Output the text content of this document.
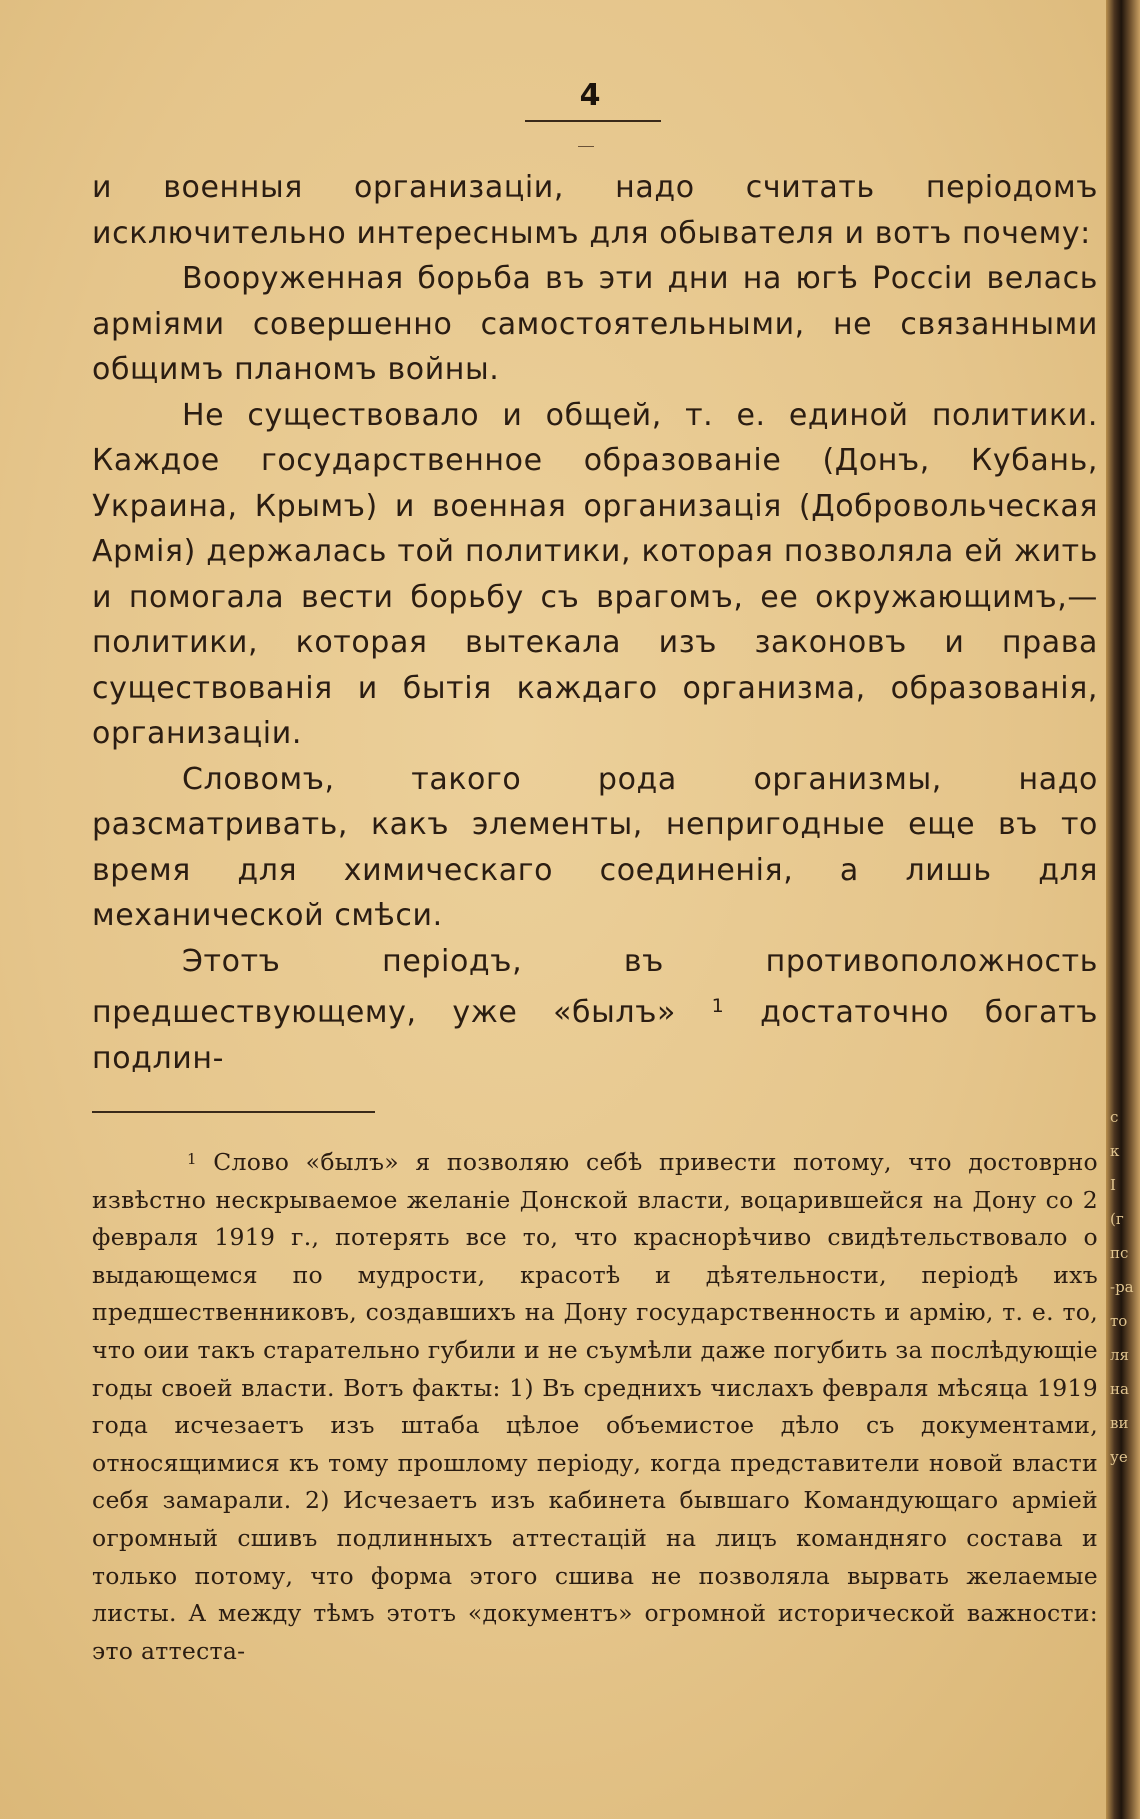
4

и военныя организаціи, надо считать періодомъ исключительно интереснымъ для обывателя и вотъ почему:

Вооруженная борьба въ эти дни на югѣ Россіи велась арміями совершенно самостоятельными, не связанными общимъ планомъ войны.

Не существовало и общей, т. е. единой политики. Каждое государственное образованіе (Донъ, Кубань, Украина, Крымъ) и военная организація (Добровольческая Армія) держалась той политики, которая позволяла ей жить и помогала вести борьбу съ врагомъ, ее окружающимъ,—политики, которая вытекала изъ законовъ и права существованія и бытія каждаго организма, образованія, организаціи.

Словомъ, такого рода организмы, надо разсматривать, какъ элементы, непригодные еще въ то время для химическаго соединенія, а лишь для механической смѣси.

Этотъ періодъ, въ противоположность предшествующему, уже «былъ» $^1$ достаточно богатъ подлин-

$^1$ Слово «былъ» я позволяю себѣ привести потому, что достоврно извѣстно нескрываемое желаніе Донской власти, воцарившейся на Дону со 2 февраля 1919 г., потерять все то, что краснорѣчиво свидѣтельствовало о выдающемся по мудрости, красотѣ и дѣятельности, періодѣ ихъ предшественниковъ, создавшихъ на Дону государственность и армію, т. е. то, что оии такъ старательно губили и не съумѣли даже погубить за послѣдующіе годы своей власти. Вотъ факты: 1) Въ среднихъ числахъ февраля мѣсяца 1919 года исчезаетъ изъ штаба цѣлое объемистое дѣло съ документами, относящимися къ тому прошлому періоду, когда представители новой власти себя замарали. 2) Исчезаетъ изъ кабинета бывшаго Командующаго арміей огромный сшивъ подлинныхъ аттестацій на лицъ командняго состава и только потому, что форма этого сшива не позволяла вырвать желаемые листы. А между тѣмъ этотъ «документъ» огромной исторической важности: это аттеста-

с
к
I
(г
пс
-ра
то
ля
на
ви
уе
